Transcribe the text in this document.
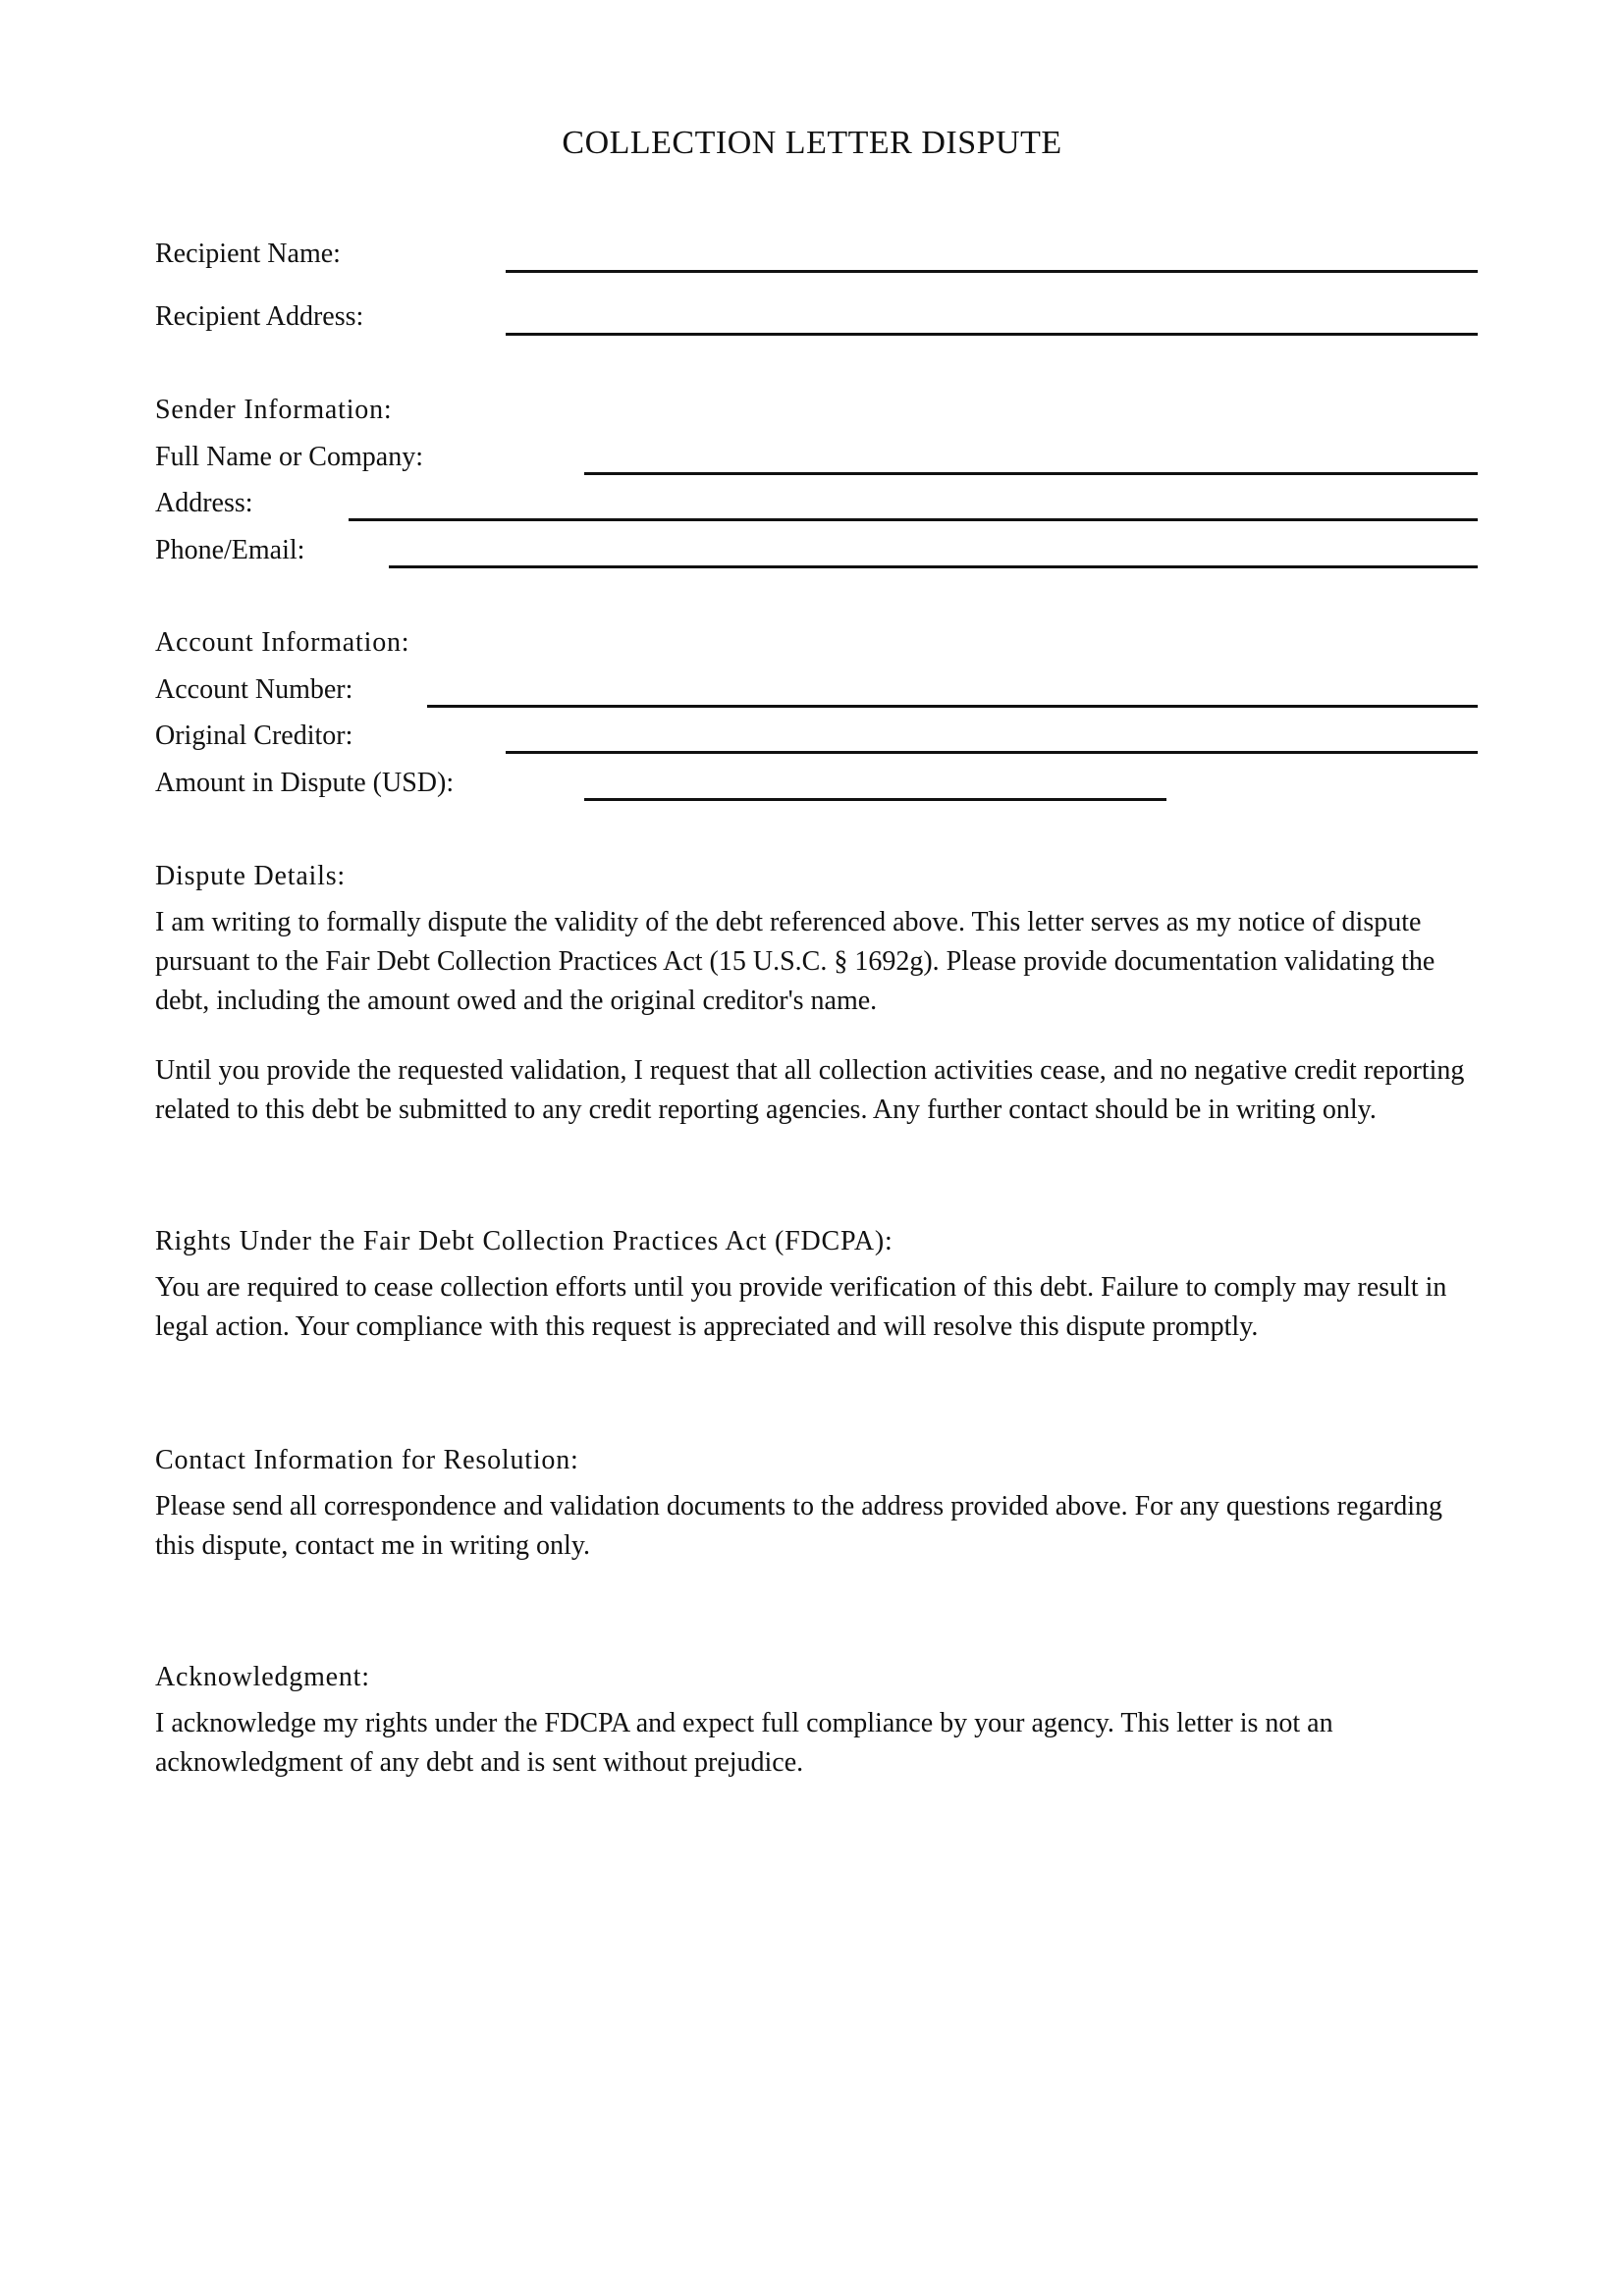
COLLECTION LETTER DISPUTE
Recipient Name:
Recipient Address:
Sender Information:
Full Name or Company:
Address:
Phone/Email:
Account Information:
Account Number:
Original Creditor:
Amount in Dispute (USD):
Dispute Details:

I am writing to formally dispute the validity of the debt referenced above. This letter serves as my notice of dispute pursuant to the Fair Debt Collection Practices Act (15 U.S.C. § 1692g). Please provide documentation validating the debt, including the amount owed and the original creditor's name.

Until you provide the requested validation, I request that all collection activities cease, and no negative credit reporting related to this debt be submitted to any credit reporting agencies. Any further contact should be in writing only.

Rights Under the Fair Debt Collection Practices Act (FDCPA):

You are required to cease collection efforts until you provide verification of this debt. Failure to comply may result in legal action. Your compliance with this request is appreciated and will resolve this dispute promptly.

Contact Information for Resolution:

Please send all correspondence and validation documents to the address provided above. For any questions regarding this dispute, contact me in writing only.

Acknowledgment:

I acknowledge my rights under the FDCPA and expect full compliance by your agency. This letter is not an acknowledgment of any debt and is sent without prejudice.
